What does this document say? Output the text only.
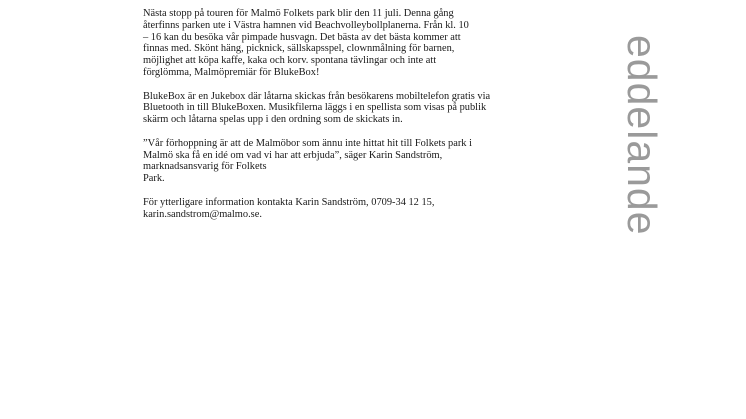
Nästa stopp på touren för Malmö Folkets park blir den 11 juli. Denna gång
återfinns parken ute i Västra hamnen vid Beachvolleybollplanerna. Från kl. 10
– 16 kan du besöka vår pimpade husvagn. Det bästa av det bästa kommer att
finnas med. Skönt häng, picknick, sällskapsspel, clownmålning för barnen,
möjlighet att köpa kaffe, kaka och korv. spontana tävlingar och inte att
förglömma, Malmöpremiär för BlukeBox!

BlukeBox är en Jukebox där låtarna skickas från besökarens mobiltelefon gratis via
Bluetooth in till BlukeBoxen. Musikfilerna läggs i en spellista som visas på publik
skärm och låtarna spelas upp i den ordning som de skickats in.

”Vår förhoppning är att de Malmöbor som ännu inte hittat hit till Folkets park i
Malmö ska få en idé om vad vi har att erbjuda”, säger Karin Sandström,
marknadsansvarig för Folkets
Park.

För ytterligare information kontakta Karin Sandström, 0709-34 12 15,
karin.sandstrom@malmo.se.	eddelande
